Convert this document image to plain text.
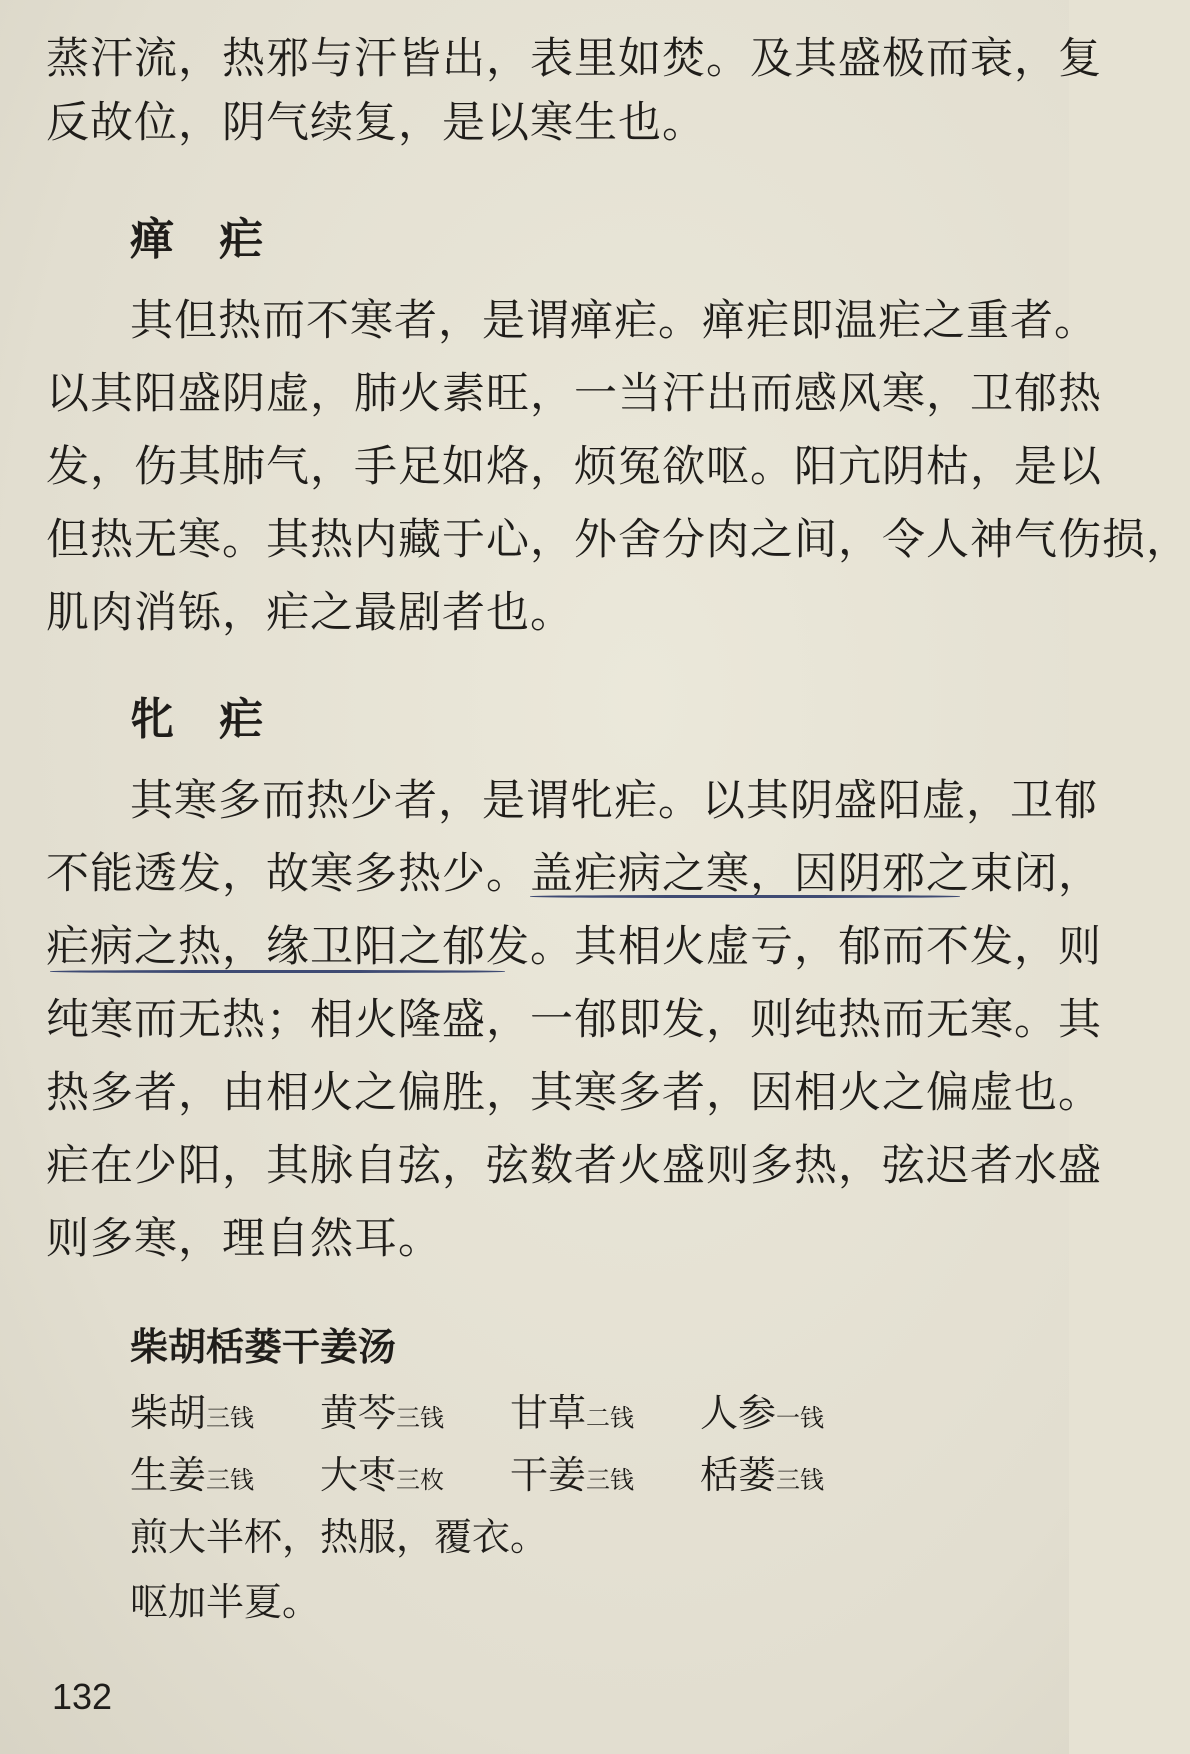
蒸汗流，热邪与汗皆出，表里如焚。及其盛极而衰，复
反故位，阴气续复，是以寒生也。
瘅 疟
其但热而不寒者，是谓瘅疟。瘅疟即温疟之重者。
以其阳盛阴虚，肺火素旺，一当汗出而感风寒，卫郁热
发，伤其肺气，手足如烙，烦冤欲呕。阳亢阴枯，是以
但热无寒。其热内藏于心，外舍分肉之间，令人神气伤损，
肌肉消铄，疟之最剧者也。
牝 疟
其寒多而热少者，是谓牝疟。以其阴盛阳虚，卫郁
不能透发，故寒多热少。盖疟病之寒，因阴邪之束闭，
疟病之热，缘卫阳之郁发。其相火虚亏，郁而不发，则
纯寒而无热；相火隆盛，一郁即发，则纯热而无寒。其
热多者，由相火之偏胜，其寒多者，因相火之偏虚也。
疟在少阳，其脉自弦，弦数者火盛则多热，弦迟者水盛
则多寒，理自然耳。
柴胡栝蒌干姜汤
柴胡三钱 黄芩三钱 甘草二钱 人参一钱
生姜三钱 大枣三枚 干姜三钱 栝蒌三钱
煎大半杯，热服，覆衣。
呕加半夏。
132
